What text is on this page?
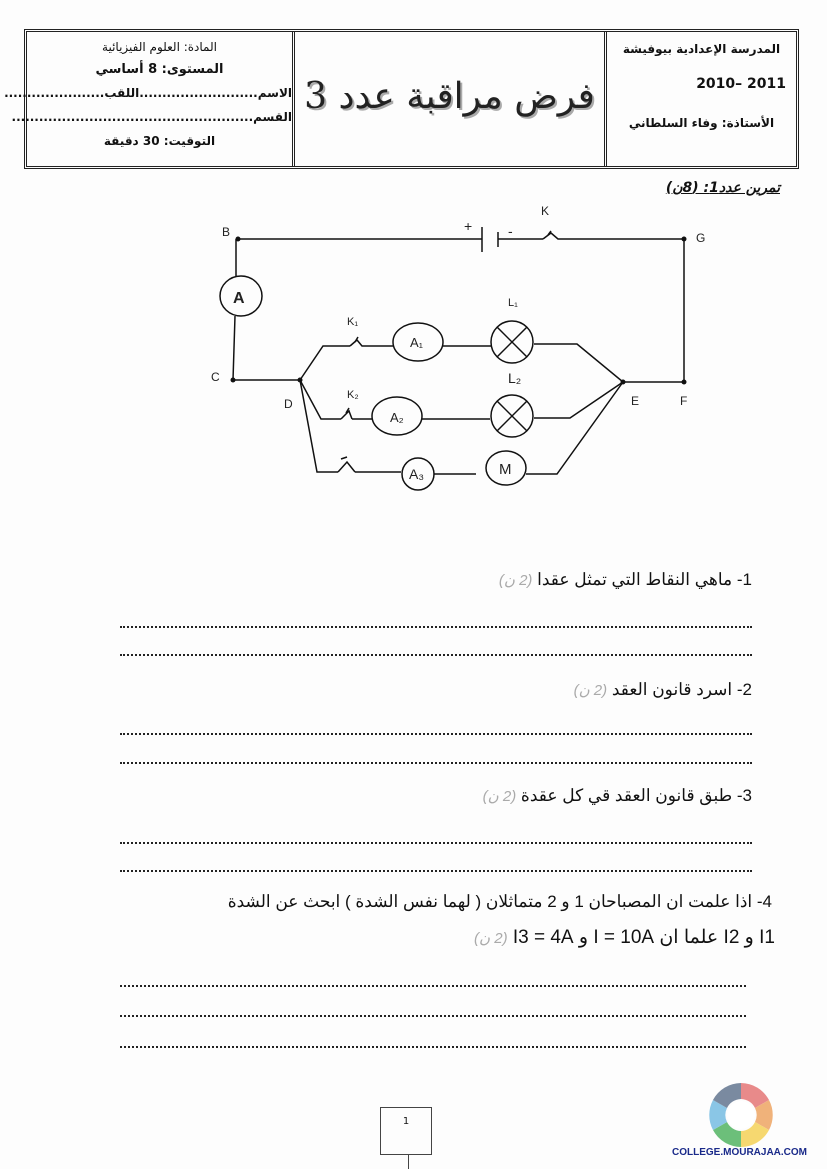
المادة: العلوم الفيزيائية
المستوى: 8 أساسي
الاسم..........................اللقب......................
القسم.....................................................
التوقيت: 30 دقيقة
فرض مراقبة عدد 3
المدرسة الإعدادية بيوفيشة
2010– 2011
الأستاذة: وفاء السلطاني
تمرين عدد1: (8ن)
B	G
C
D	E	F
+	-
K
A
K₁
K₂
A₁
A₂
A₃	M
L₁
L₂
1- ماهي النقاط التي تمثل عقدا (2 ن)
2- اسرد قانون العقد (2 ن)
3- طبق قانون العقد قي كل عقدة (2 ن)
4- اذا علمت ان المصباحان 1 و 2 متماثلان ( لهما نفس الشدة ) ابحث عن الشدة
I1 و I2 علما ان I = 10A و I3 = 4A (2 ن)
1
COLLEGE.MOURAJAA.COM
